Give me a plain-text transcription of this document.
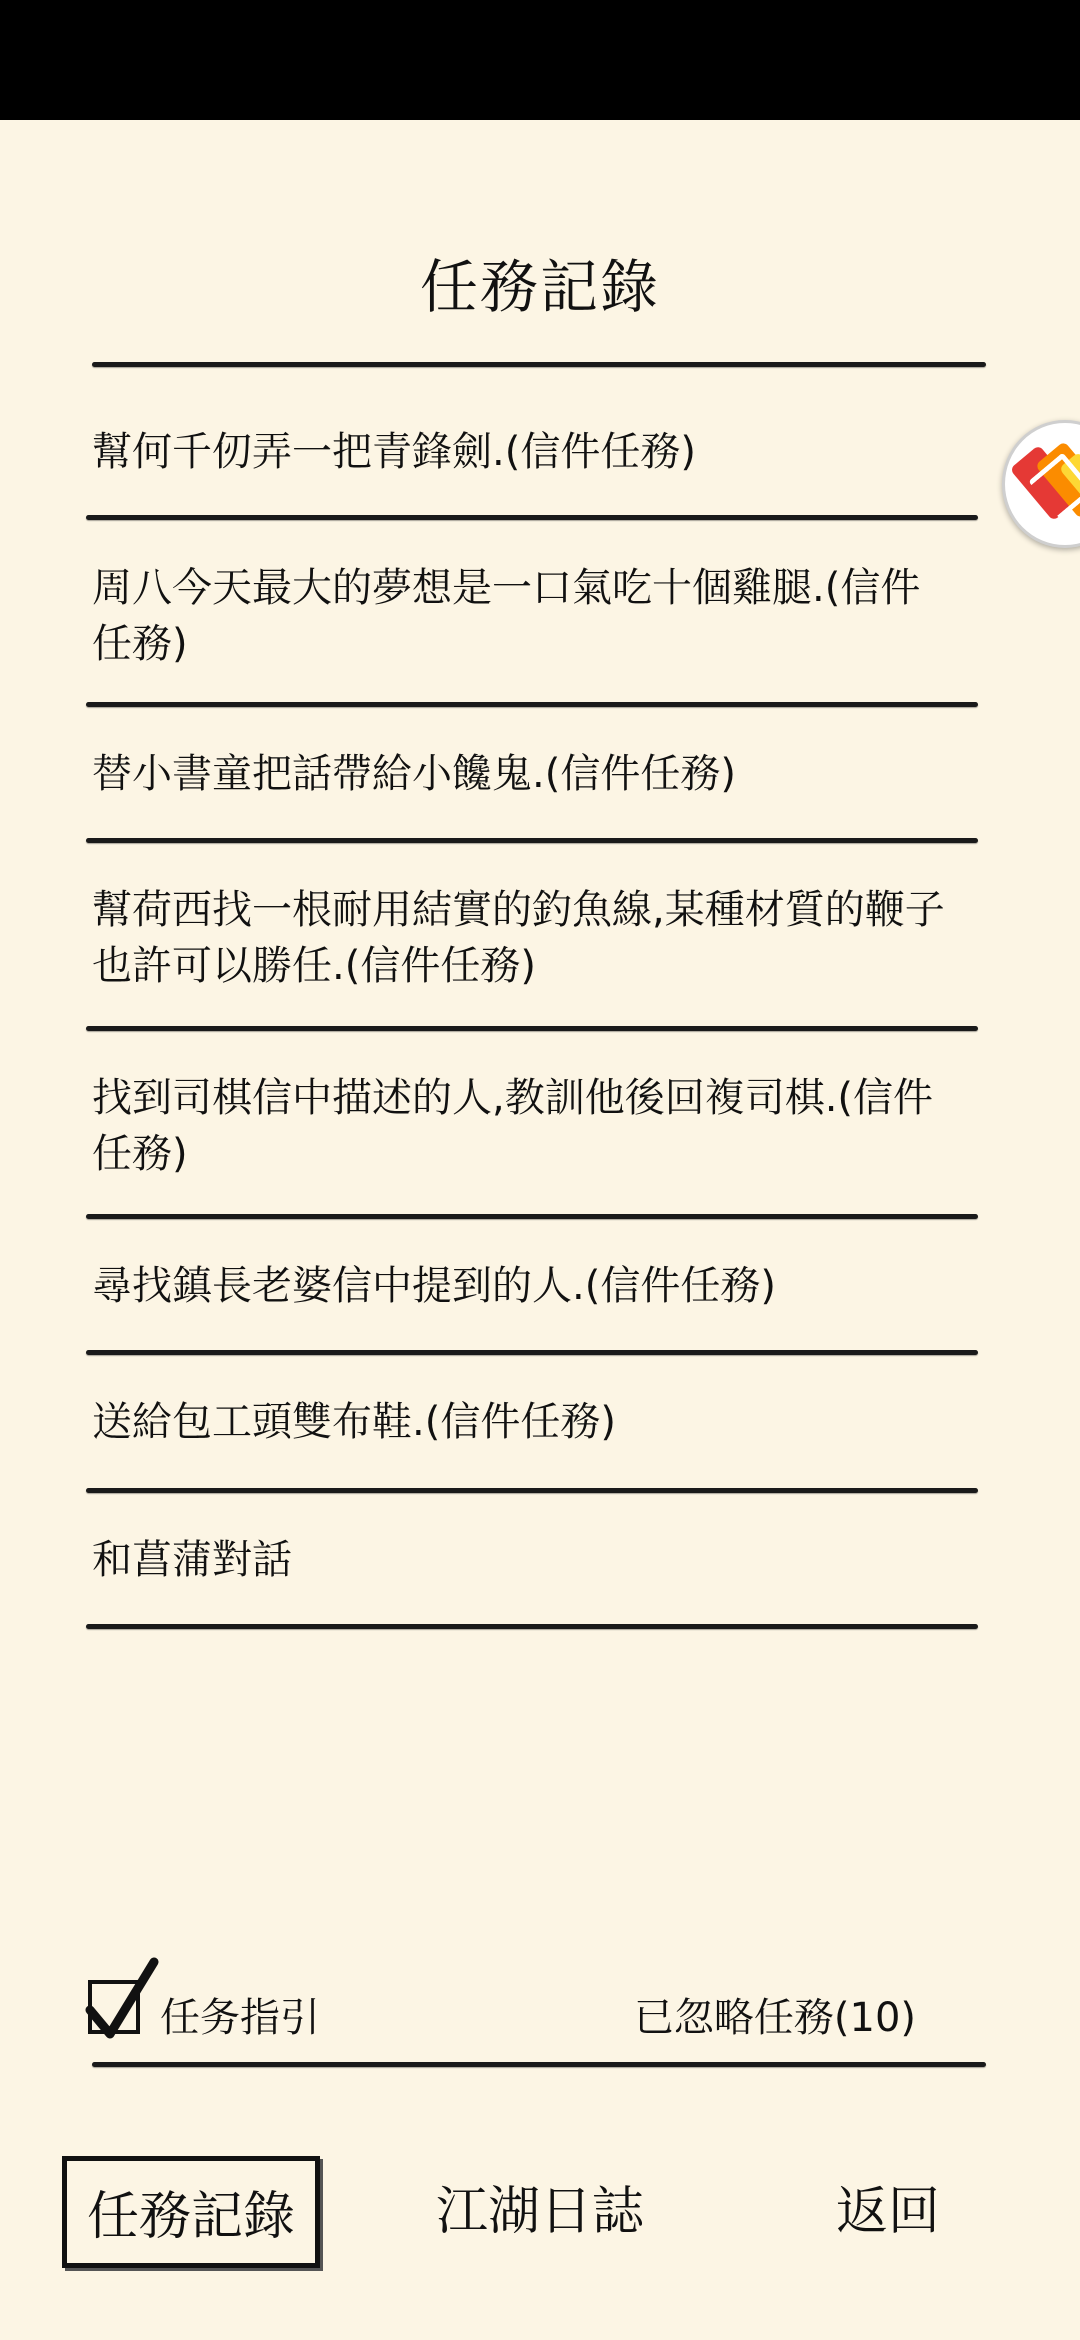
任務記錄
幫何千仞弄一把青鋒劍.(信件任務)
周八今天最大的夢想是一口氣吃十個雞腿.(信件任務)
替小書童把話帶給小饞鬼.(信件任務)
幫荷西找一根耐用結實的釣魚線,某種材質的鞭子也許可以勝任.(信件任務)
找到司棋信中描述的人,教訓他後回複司棋.(信件任務)
尋找鎮長老婆信中提到的人.(信件任務)
送給包工頭雙布鞋.(信件任務)
和菖蒲對話
任务指引	已忽略任務(10)
任務記錄	江湖日誌	返回
